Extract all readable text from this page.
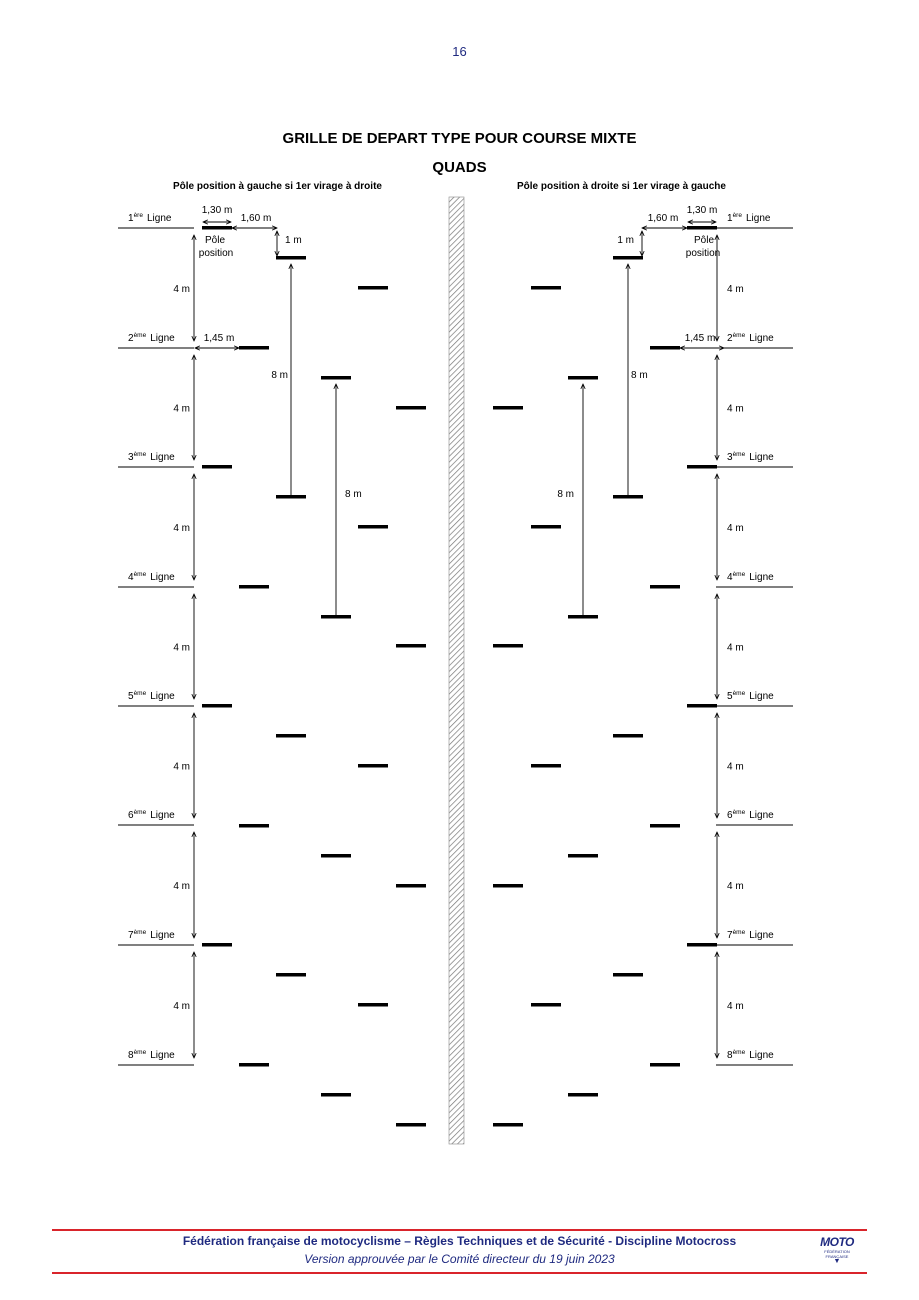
16
GRILLE DE DEPART TYPE POUR COURSE MIXTE
QUADS
Pôle position à gauche si 1er virage à droite	Pôle position à droite si 1er virage à gauche
4 m	4 m
4 m	4 m
4 m	4 m
4 m	4 m
4 m	4 m
4 m	4 m
4 m	4 m
1,30 m
1,60 m
1 m
Pôle
position
1,45 m
1,30 m
1,60 m
1 m	Pôle
position
1,45 m
8 m
8 m
8 m
8 m
1ère Ligne	1ère Ligne
2ème Ligne	2ème Ligne
3ème Ligne	3ème Ligne
4ème Ligne	4ème Ligne
5ème Ligne	5ème Ligne
6ème Ligne	6ème Ligne
7ème Ligne	7ème Ligne
8ème Ligne	8ème Ligne
Fédération française de motocyclisme – Règles Techniques et de Sécurité - Discipline Motocross
Version approuvée par le Comité directeur du 19 juin 2023
MOTO
FÉDÉRATION
FRANÇAISE
▼
